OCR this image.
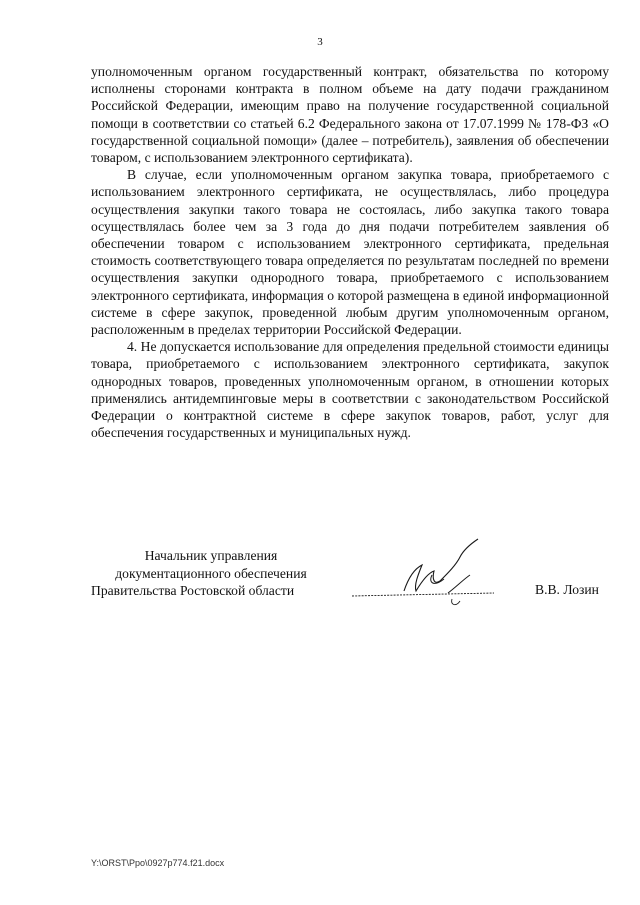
3

уполномоченным органом государственный контракт, обязательства по которому исполнены сторонами контракта в полном объеме на дату подачи гражданином Российской Федерации, имеющим право на получение государственной социальной помощи в соответствии со статьей 6.2 Федерального закона от 17.07.1999 № 178-ФЗ «О государственной социальной помощи» (далее – потребитель), заявления об обеспечении товаром, с использованием электронного сертификата).

В случае, если уполномоченным органом закупка товара, приобретаемого с использованием электронного сертификата, не осуществлялась, либо процедура осуществления закупки такого товара не состоялась, либо закупка такого товара осуществлялась более чем за 3 года до дня подачи потребителем заявления об обеспечении товаром с использованием электронного сертификата, предельная стоимость соответствующего товара определяется по результатам последней по времени осуществления закупки однородного товара, приобретаемого с использованием электронного сертификата, информация о которой размещена в единой информационной системе в сфере закупок, проведенной любым другим уполномоченным органом, расположенным в пределах территории Российской Федерации.

4. Не допускается использование для определения предельной стоимости единицы товара, приобретаемого с использованием электронного сертификата, закупок однородных товаров, проведенных уполномоченным органом, в отношении которых применялись антидемпинговые меры в соответствии с законодательством Российской Федерации о контрактной системе в сфере закупок товаров, работ, услуг для обеспечения государственных и муниципальных нужд.

Начальник управления
документационного обеспечения
Правительства Ростовской области	В.В. Лозин
Y:\ORST\Ppo\0927p774.f21.docx
